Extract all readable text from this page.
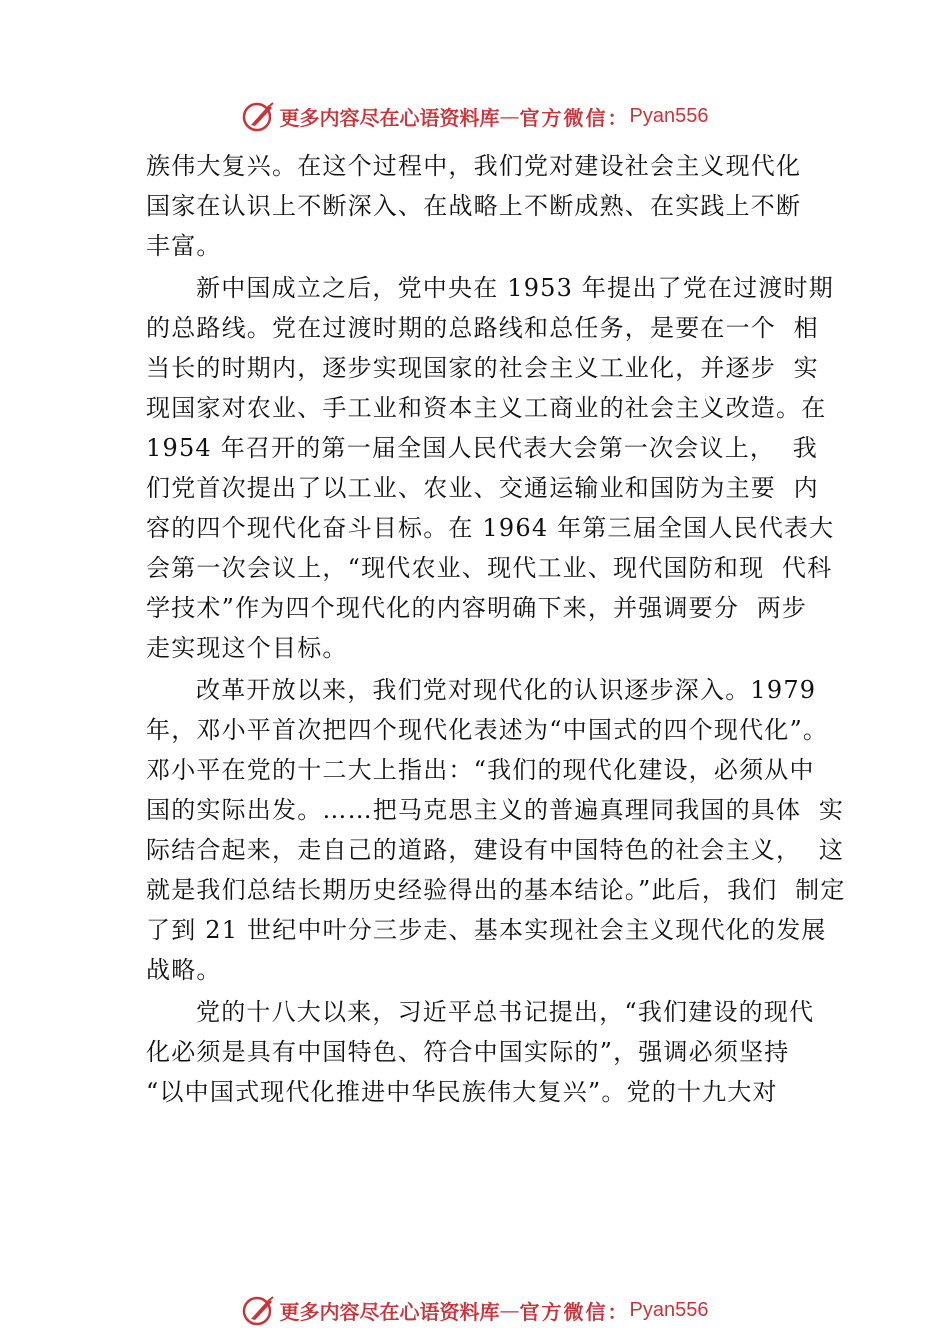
更多内容尽在心语资料库 — 官方微信： Pyan556
族伟大复兴。在这个过程中，我们党对建设社会主义现代化
国家在认识上不断深入、在战略上不断成熟、在实践上不断
丰富。
新中国成立之后，党中央在 1953 年提出了党在过渡时期
的总路线。党在过渡时期的总路线和总任务，是要在一个  相
当长的时期内，逐步实现国家的社会主义工业化，并逐步  实
现国家对农业、手工业和资本主义工商业的社会主义改造。在
1954 年召开的第一届全国人民代表大会第一次会议上，  我
们党首次提出了以工业、农业、交通运输业和国防为主要  内
容的四个现代化奋斗目标。在 1964 年第三届全国人民代表大
会第一次会议上，“现代农业、现代工业、现代国防和现  代科
学技术”作为四个现代化的内容明确下来，并强调要分  两步
走实现这个目标。
改革开放以来，我们党对现代化的认识逐步深入。1979
年，邓小平首次把四个现代化表述为“中国式的四个现代化”。
邓小平在党的十二大上指出：“我们的现代化建设，必须从中
国的实际出发。……把马克思主义的普遍真理同我国的具体  实
际结合起来，走自己的道路，建设有中国特色的社会主义，  这
就是我们总结长期历史经验得出的基本结论。”此后，我们  制定
了到 21 世纪中叶分三步走、基本实现社会主义现代化的发展
战略。
党的十八大以来，习近平总书记提出，“我们建设的现代
化必须是具有中国特色、符合中国实际的”，强调必须坚持
“以中国式现代化推进中华民族伟大复兴”。党的十九大对
更多内容尽在心语资料库 — 官方微信： Pyan556
